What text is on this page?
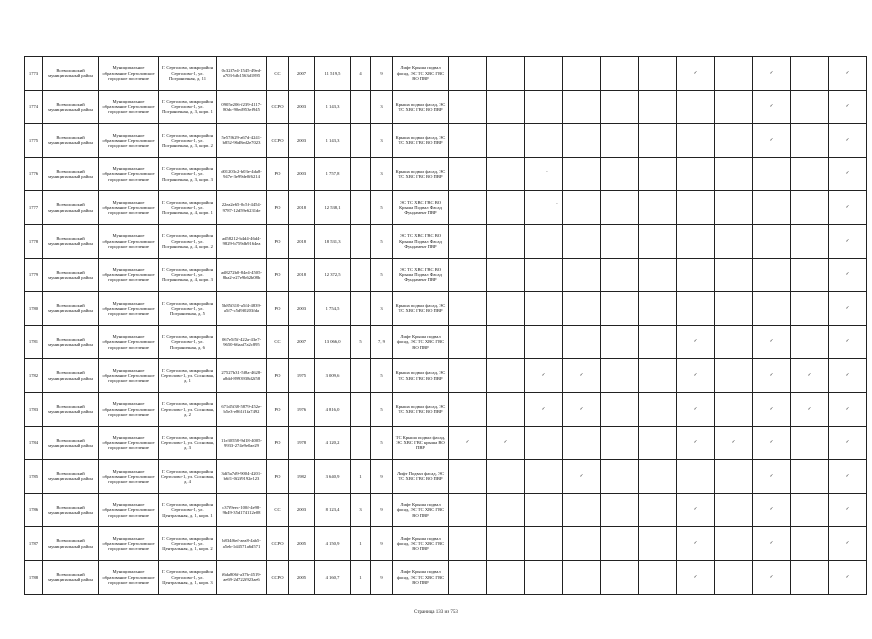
1773	Всеволожский муниципальный район	Муниципальное образование Сертоловское городское поселение	Г. Сертолово, микрорайон Сертолово-1, ул. Пограничная, д. 11	0c32f7e4-1545-49ed-a703-bfb1563d1895	СС	2007	11 519,5	4	9	Лифт Крыша подвал фасад, ЭС ТС ХВС ГВС ВО ПВР							✓		✓		✓
1774	Всеволожский муниципальный район	Муниципальное образование Сертоловское городское поселение	Г. Сертолово, микрорайон Сертолово-1, ул. Пограничная, д. 3, корп. 1	0905e206-f239-4117-80dc-90ed953ef945	ССРО	2003	1 143,3		3	Крыша подвал фасад, ЭС ТС ХВС ГВС ВО ПВР									✓		✓
1775	Всеволожский муниципальный район	Муниципальное образование Сертоловское городское поселение	Г. Сертолово, микрорайон Сертолово-1, ул. Пограничная, д. 3, корп. 2	5e57f629-a67d-4241-b852-96d8ed2e7023	ССРО	2003	1 143,3		3	Крыша подвал фасад, ЭС ТС ХВС ГВС ВО ПВР									✓		✓
1776	Всеволожский муниципальный район	Муниципальное образование Сертоловское городское поселение	Г. Сертолово, микрорайон Сертолово-1, ул. Пограничная, д. 3, корп. 3	d01203c2-b03e-4da8-947e-3e99de0f6214	РО	2003	1 757,8		3	Крыша подвал фасад, ЭС ТС ХВС ГВС ВО ПВР											✓
1777	Всеволожский муниципальный район	Муниципальное образование Сертоловское городское поселение	Г. Сертолово, микрорайон Сертолово-1, ул. Пограничная, д. 4, корп. 1	22ea2e65-0c5f-4454-9787-12d59e6231de	РО	2018	12 538,1		5	ЭС ТС ХВС ГВС ВО Крыша Подвал Фасад Фундамент ПВР											✓
1778	Всеволожский муниципальный район	Муниципальное образование Сертоловское городское поселение	Г. Сертолово, микрорайон Сертолово-1, ул. Пограничная, д. 4, корп. 2	ad58212-b4d4-46d4-9829-b759db9164ea	РО	2018	18 531,3		5	ЭС ТС ХВС ГВС ВО Крыша Подвал Фасад Фундамент ПВР											✓
1779	Всеволожский муниципальный район	Муниципальное образование Сертоловское городское поселение	Г. Сертолово, микрорайон Сертолово-1, ул. Пограничная, д. 4, корп. 3	ad8272b0-84e4-4505-8ba2-e27e9b62b08b	РО	2018	12 372,5		5	ЭС ТС ХВС ГВС ВО Крыша Подвал Фасад Фундамент ПВР											✓
1780	Всеволожский муниципальный район	Муниципальное образование Сертоловское городское поселение	Г. Сертолово, микрорайон Сертолово-1, ул. Пограничная, д. 5	5b85f310-a5f4-4839-a5f7-c5d9f0203fda	РО	2003	1 754,5		3	Крыша подвал фасад, ЭС ТС ХВС ГВС ВО ПВР											✓
1781	Всеволожский муниципальный район	Муниципальное образование Сертоловское городское поселение	Г. Сертолово, микрорайон Сертолово-1, ул. Пограничная, д. 6	067e5f5f-422a-43e7-9650-66aaf7a2c895	СС	2007	13 066,0	5	7, 9	Лифт Крыша подвал фасад, ЭС ТС ХВС ГВС ВО ПВР							✓		✓		✓
1782	Всеволожский муниципальный район	Муниципальное образование Сертоловское городское поселение	Г. Сертолово, микрорайон Сертолово-1, ул. Сосновая, д. 1	27527b31-5f8a-4628-a8dd-8993938d2f58	РО	1975	3 009,6		5	Крыша подвал фасад, ЭС ТС ХВС ГВС ВО ПВР			✓	✓			✓		✓	✓	✓
1783	Всеволожский муниципальный район	Муниципальное образование Сертоловское городское поселение	Г. Сертолово, микрорайон Сертолово-1, ул. Сосновая, д. 2	671d5f38-5879-452e-b5e3-e861f1fa7492	РО	1976	4 816,0		5	Крыша подвал фасад, ЭС ТС ХВС ГВС ВО ПВР			✓	✓			✓		✓	✓	✓
1784	Всеволожский муниципальный район	Муниципальное образование Сертоловское городское поселение	Г. Сертолово, микрорайон Сертолово-1, ул. Сосновая, д. 3	11e30558-9d18-4005-9933-274e9e0ae29	РО	1978	4 120,2		5	ТС Крыша подвал фасад, ЭС ХВС ГВС крыша ВО ПВР	✓	✓					✓	✓	✓		✓
1785	Всеволожский муниципальный район	Муниципальное образование Сертоловское городское поселение	Г. Сертолово, микрорайон Сертолово-1, ул. Сосновая, д. 4	3df5a7d9-9004-4201-b6f1-0f2f9192e123	РО	1982	3 640,9	1	9	Лифт Подвал фасад, ЭС ТС ХВС ГВС ВО ПВР				✓					✓		✓
1786	Всеволожский муниципальный район	Муниципальное образование Сертоловское городское поселение	Г. Сертолово, микрорайон Сертолово-1, ул. Центральная, д. 1, корп. 1	c37f9eec-100f-4e98-9b49-35d174112e08	СС	2003	8 123,4	3	9	Лифт Крыша подвал фасад, ЭС ТС ХВС ГВС ВО ПВР							✓		✓		✓
1787	Всеволожский муниципальный район	Муниципальное образование Сертоловское городское поселение	Г. Сертолово, микрорайон Сертолово-1, ул. Центральная, д. 1, корп. 2	b834f6ef-aea8-4ab5-a5eb-1d4571a6d571	ССРО	2005	4 150,9	1	9	Лифт Крыша подвал фасад, ЭС ТС ХВС ГВС ВО ПВР							✓		✓		✓
1788	Всеволожский муниципальный район	Муниципальное образование Сертоловское городское поселение	Г. Сертолово, микрорайон Сертолово-1, ул. Центральная, д. 1, корп. 3	f6da806f-a37b-4519-ae69-2d722f923ae6	ССРО	2005	4 160,7	1	9	Лифт Крыша подвал фасад, ЭС ТС ХВС ГВС ВО ПВР							✓		✓		✓
-
-
Страница 133 из 753
